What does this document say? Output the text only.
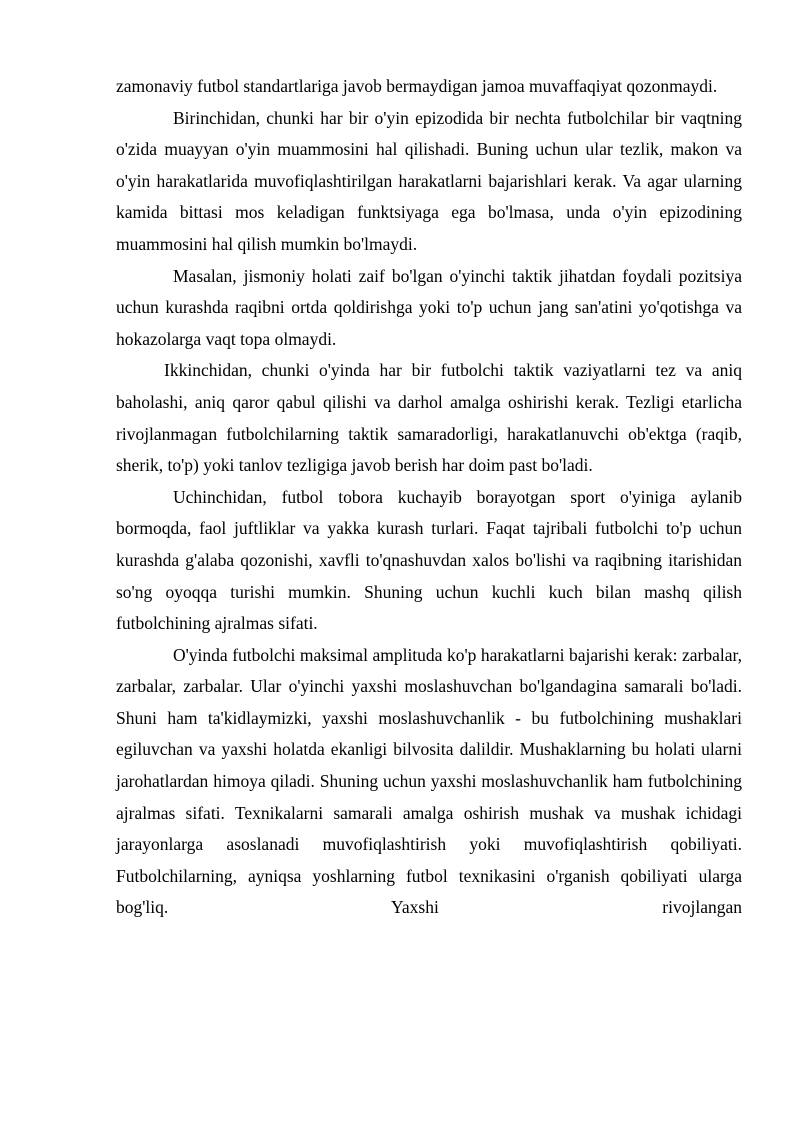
zamonaviy futbol standartlariga javob bermaydigan jamoa muvaffaqiyat qozonmaydi.

Birinchidan, chunki har bir o'yin epizodida bir nechta futbolchilar bir vaqtning o'zida muayyan o'yin muammosini hal qilishadi. Buning uchun ular tezlik, makon va o'yin harakatlarida muvofiqlashtirilgan harakatlarni bajarishlari kerak. Va agar ularning kamida bittasi mos keladigan funktsiyaga ega bo'lmasa, unda o'yin epizodining muammosini hal qilish mumkin bo'lmaydi.

Masalan, jismoniy holati zaif bo'lgan o'yinchi taktik jihatdan foydali pozitsiya uchun kurashda raqibni ortda qoldirishga yoki to'p uchun jang san'atini yo'qotishga va hokazolarga vaqt topa olmaydi.

Ikkinchidan, chunki o'yinda har bir futbolchi taktik vaziyatlarni tez va aniq baholashi, aniq qaror qabul qilishi va darhol amalga oshirishi kerak. Tezligi etarlicha rivojlanmagan futbolchilarning taktik samaradorligi, harakatlanuvchi ob'ektga (raqib, sherik, to'p) yoki tanlov tezligiga javob berish har doim past bo'ladi.

Uchinchidan, futbol tobora kuchayib borayotgan sport o'yiniga aylanib bormoqda, faol juftliklar va yakka kurash turlari. Faqat tajribali futbolchi to'p uchun kurashda g'alaba qozonishi, xavfli to'qnashuvdan xalos bo'lishi va raqibning itarishidan so'ng oyoqqa turishi mumkin. Shuning uchun kuchli kuch bilan mashq qilish futbolchining ajralmas sifati.

O'yinda futbolchi maksimal amplituda ko'p harakatlarni bajarishi kerak: zarbalar, zarbalar, zarbalar. Ular o'yinchi yaxshi moslashuvchan bo'lgandagina samarali bo'ladi. Shuni ham ta'kidlaymizki, yaxshi moslashuvchanlik - bu futbolchining mushaklari egiluvchan va yaxshi holatda ekanligi bilvosita dalildir. Mushaklarning bu holati ularni jarohatlardan himoya qiladi. Shuning uchun yaxshi moslashuvchanlik ham futbolchining ajralmas sifati. Texnikalarni samarali amalga oshirish mushak va mushak ichidagi jarayonlarga asoslanadi muvofiqlashtirish yoki muvofiqlashtirish qobiliyati. Futbolchilarning, ayniqsa yoshlarning futbol texnikasini o'rganish qobiliyati ularga bog'liq. Yaxshi rivojlangan
